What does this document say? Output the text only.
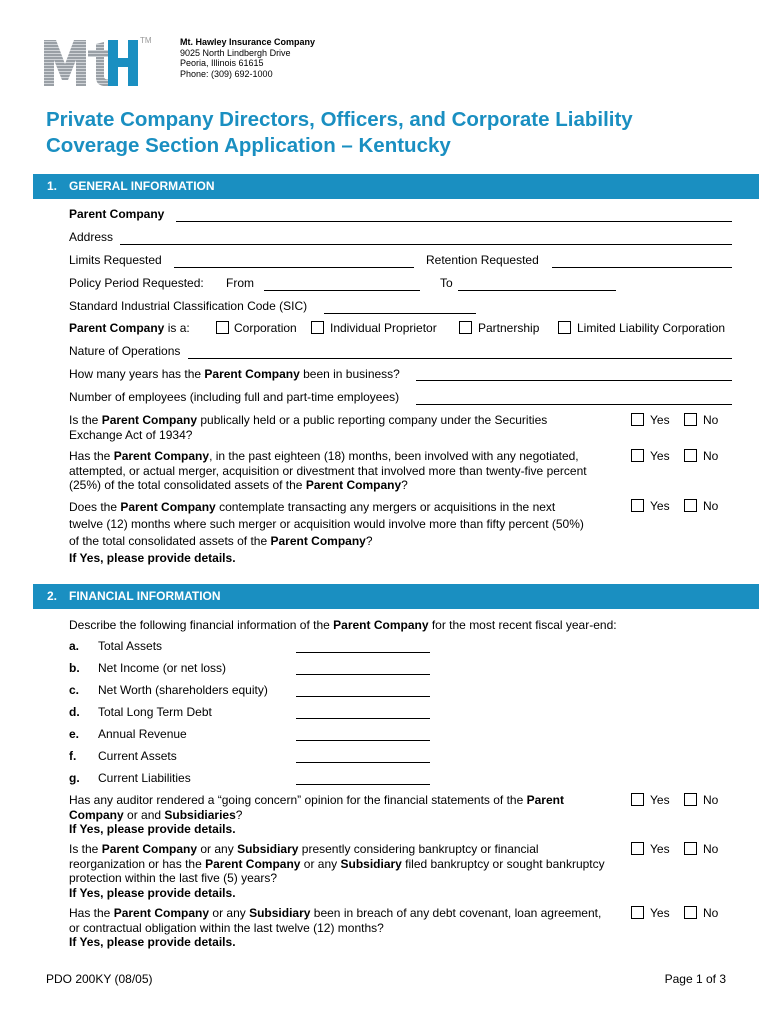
TM	Mt. Hawley Insurance Company
9025 North Lindbergh Drive
Peoria, Illinois 61615
Phone: (309) 692-1000
Private Company Directors, Officers, and Corporate Liability
Coverage Section Application – Kentucky
1. GENERAL INFORMATION
Parent Company
Address
Limits Requested	Retention Requested
Policy Period Requested: From	To
Standard Industrial Classification Code (SIC)
Parent Company is a:	Corporation	Individual Proprietor	Partnership	Limited Liability Corporation
Nature of Operations
How many years has the Parent Company been in business?
Number of employees (including full and part-time employees)
Is the Parent Company publically held or a public reporting company under the Securities Exchange Act of 1934?
Yes	No
Has the Parent Company, in the past eighteen (18) months, been involved with any negotiated, attempted, or actual merger, acquisition or divestment that involved more than twenty-five percent (25%) of the total consolidated assets of the Parent Company?
Yes	No
Does the Parent Company contemplate transacting any mergers or acquisitions in the next twelve (12) months where such merger or acquisition would involve more than fifty percent (50%) of the total consolidated assets of the Parent Company?
If Yes, please provide details.
Yes	No
2. FINANCIAL INFORMATION
Describe the following financial information of the Parent Company for the most recent fiscal year-end:
a. Total Assets
b. Net Income (or net loss)
c. Net Worth (shareholders equity)
d. Total Long Term Debt
e. Annual Revenue
f. Current Assets
g. Current Liabilities
Has any auditor rendered a “going concern” opinion for the financial statements of the Parent Company or and Subsidiaries?
If Yes, please provide details.
Yes	No
Is the Parent Company or any Subsidiary presently considering bankruptcy or financial reorganization or has the Parent Company or any Subsidiary filed bankruptcy or sought bankruptcy protection within the last five (5) years?
If Yes, please provide details.
Yes	No
Has the Parent Company or any Subsidiary been in breach of any debt covenant, loan agreement, or contractual obligation within the last twelve (12) months?
If Yes, please provide details.
Yes	No
PDO 200KY (08/05)	Page 1 of 3
